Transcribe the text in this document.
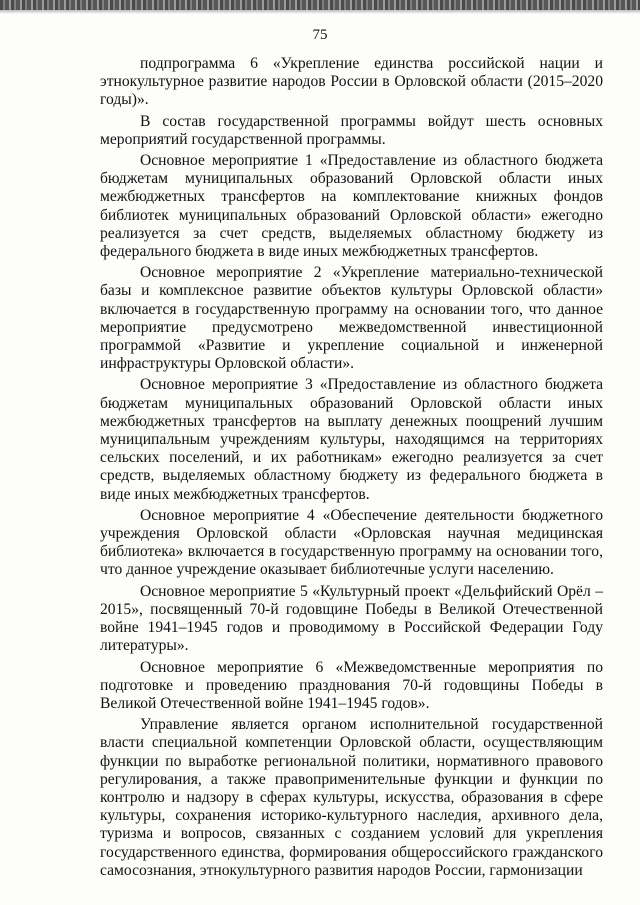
75

подпрограмма 6 «Укрепление единства российской нации и этнокультурное развитие народов России в Орловской области (2015–2020 годы)».

В состав государственной программы войдут шесть основных мероприятий государственной программы.

Основное мероприятие 1 «Предоставление из областного бюджета бюджетам муниципальных образований Орловской области иных межбюджетных трансфертов на комплектование книжных фондов библиотек муниципальных образований Орловской области» ежегодно реализуется за счет средств, выделяемых областному бюджету из федерального бюджета в виде иных межбюджетных трансфертов.

Основное мероприятие 2 «Укрепление материально-технической базы и комплексное развитие объектов культуры Орловской области» включается в государственную программу на основании того, что данное мероприятие предусмотрено межведомственной инвестиционной программой «Развитие и укрепление социальной и инженерной инфраструктуры Орловской области».

Основное мероприятие 3 «Предоставление из областного бюджета бюджетам муниципальных образований Орловской области иных межбюджетных трансфертов на выплату денежных поощрений лучшим муниципальным учреждениям культуры, находящимся на территориях сельских поселений, и их работникам» ежегодно реализуется за счет средств, выделяемых областному бюджету из федерального бюджета в виде иных межбюджетных трансфертов.

Основное мероприятие 4 «Обеспечение деятельности бюджетного учреждения Орловской области «Орловская научная медицинская библиотека» включается в государственную программу на основании того, что данное учреждение оказывает библиотечные услуги населению.

Основное мероприятие 5 «Культурный проект «Дельфийский Орёл – 2015», посвященный 70-й годовщине Победы в Великой Отечественной войне 1941–1945 годов и проводимому в Российской Федерации Году литературы».

Основное мероприятие 6 «Межведомственные мероприятия по подготовке и проведению празднования 70-й годовщины Победы в Великой Отечественной войне 1941–1945 годов».

Управление является органом исполнительной государственной власти специальной компетенции Орловской области, осуществляющим функции по выработке региональной политики, нормативного правового регулирования, а также правоприменительные функции и функции по контролю и надзору в сферах культуры, искусства, образования в сфере культуры, сохранения историко-культурного наследия, архивного дела, туризма и вопросов, связанных с созданием условий для укрепления государственного единства, формирования общероссийского гражданского самосознания, этнокультурного развития народов России, гармонизации
